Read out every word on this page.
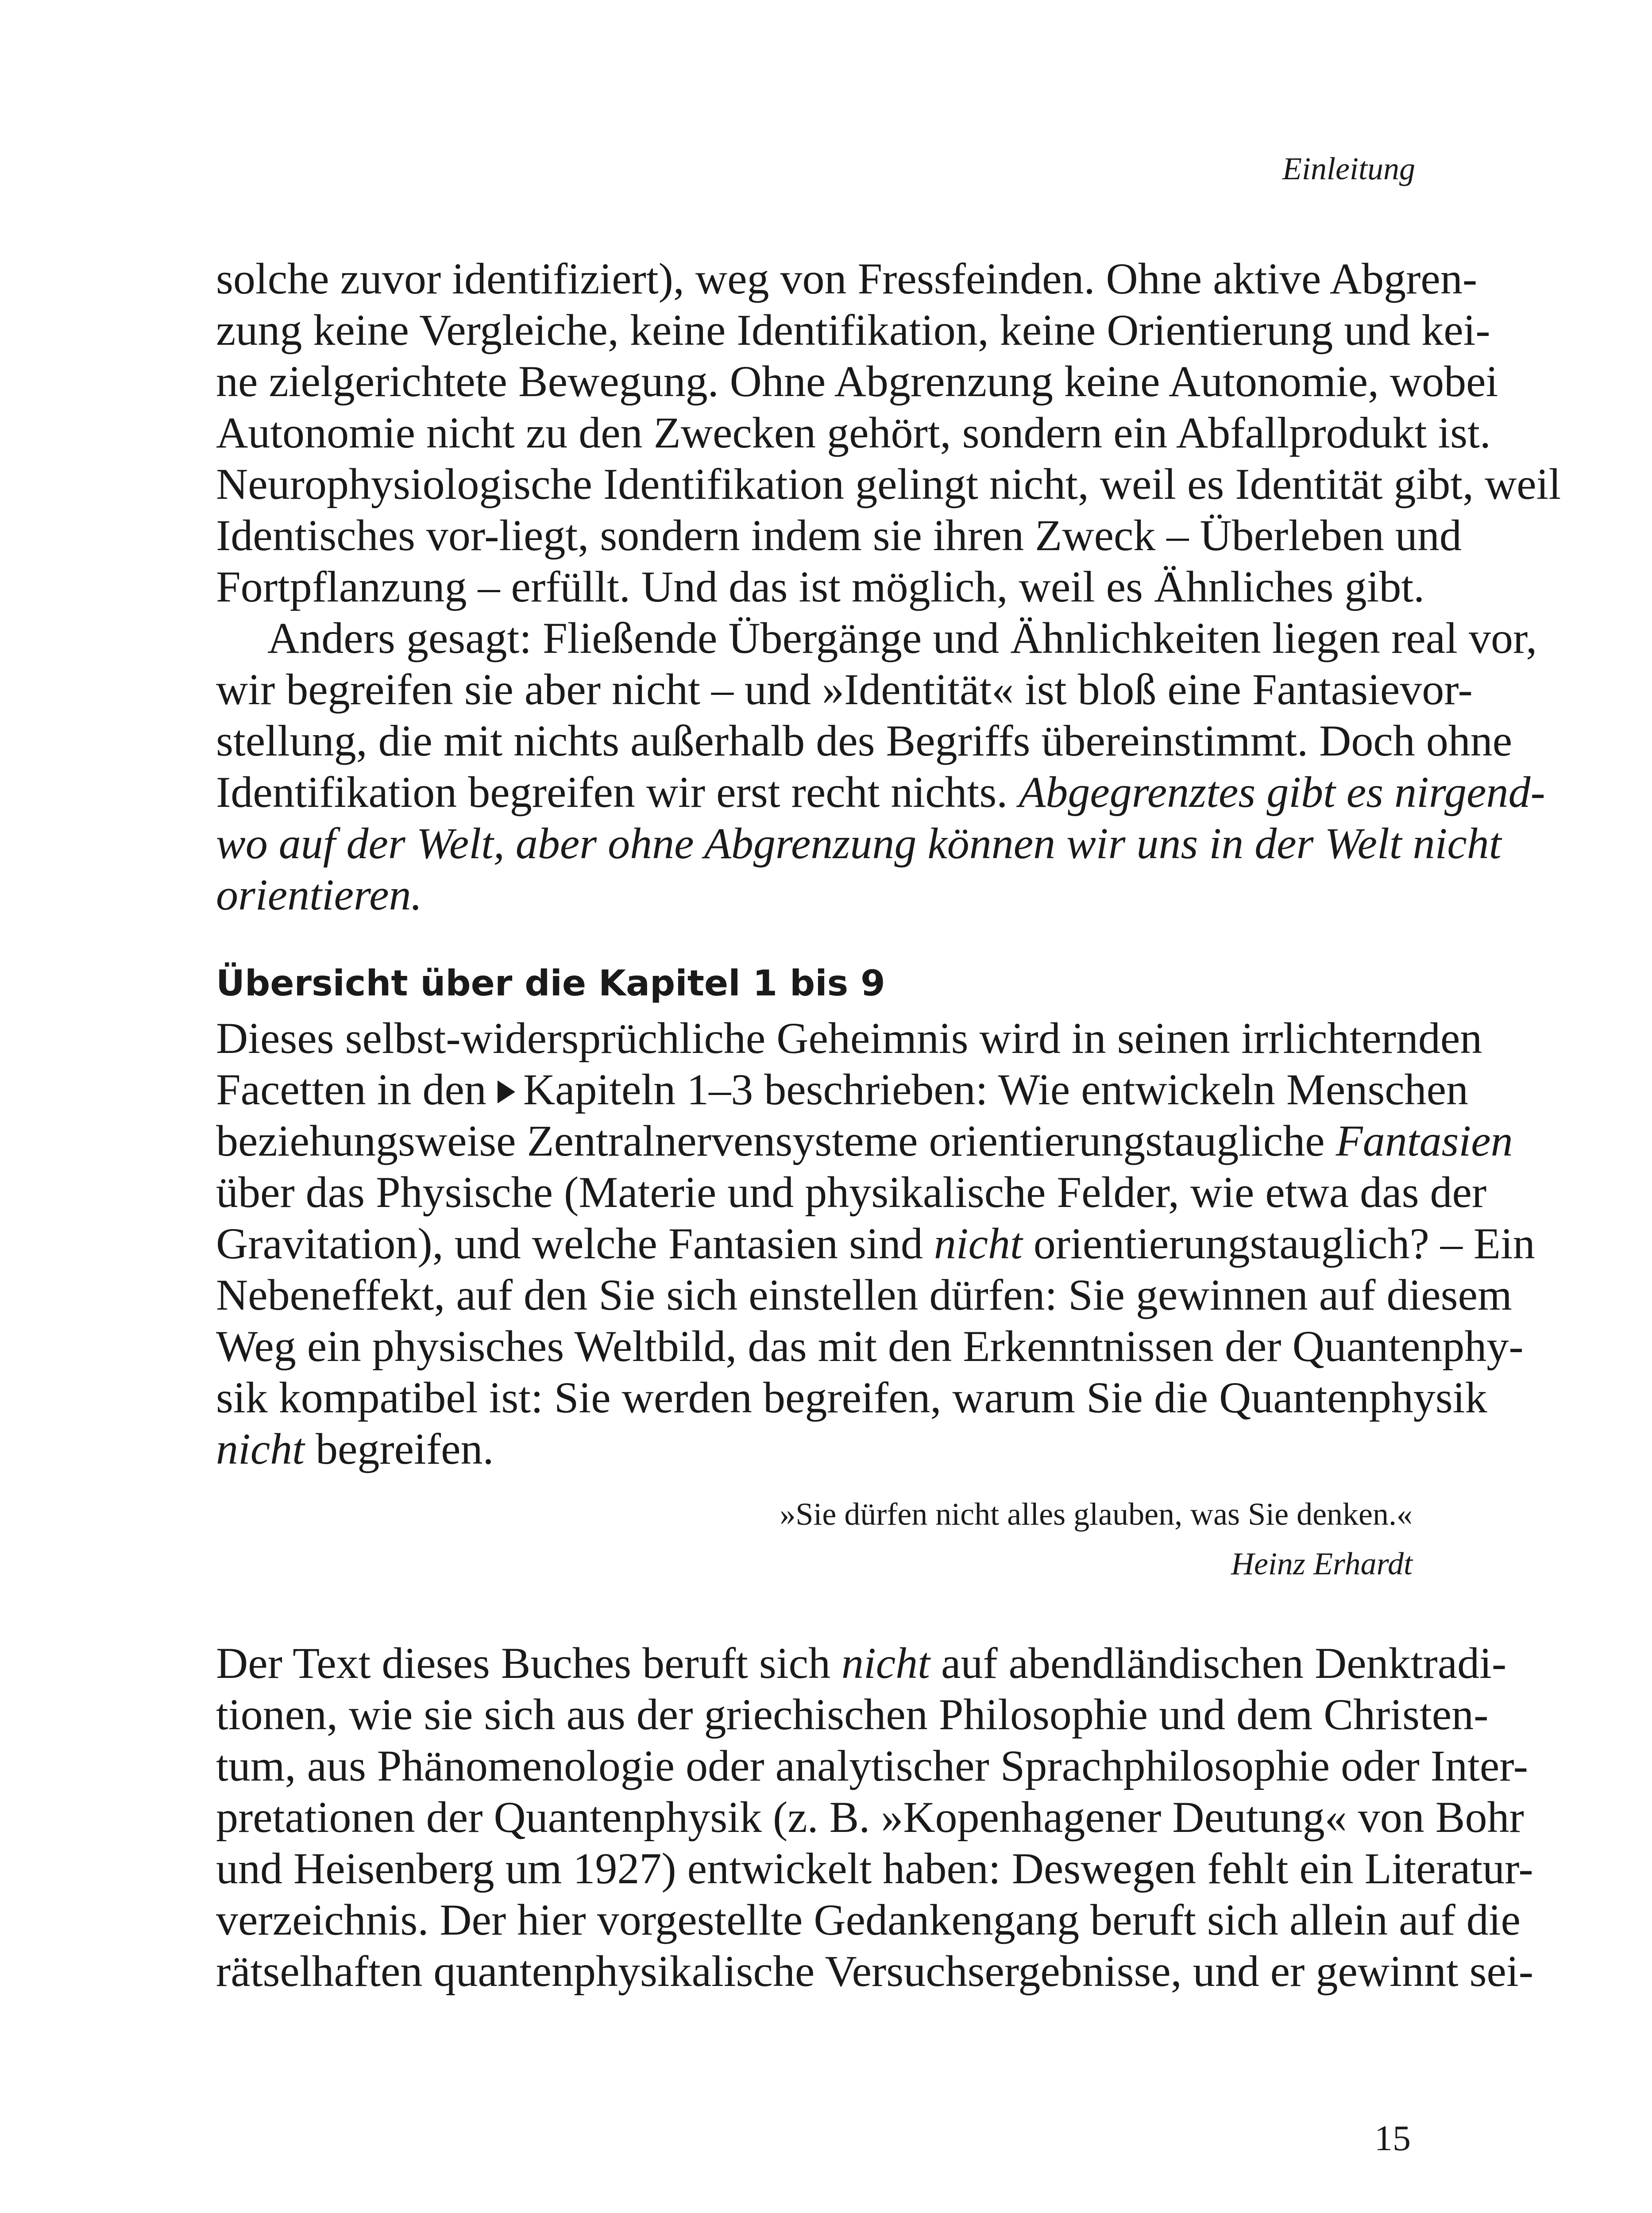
Einleitung
solche zuvor identifiziert), weg von Fressfeinden. Ohne aktive Abgren-
zung keine Vergleiche, keine Identifikation, keine Orientierung und kei-
ne zielgerichtete Bewegung. Ohne Abgrenzung keine Autonomie, wobei
Autonomie nicht zu den Zwecken gehört, sondern ein Abfallprodukt ist.
Neurophysiologische Identifikation gelingt nicht, weil es Identität gibt, weil
Identisches vor-liegt, sondern indem sie ihren Zweck – Überleben und
Fortpflanzung – erfüllt. Und das ist möglich, weil es Ähnliches gibt.
Anders gesagt: Fließende Übergänge und Ähnlichkeiten liegen real vor,
wir begreifen sie aber nicht – und »Identität« ist bloß eine Fantasievor-
stellung, die mit nichts außerhalb des Begriffs übereinstimmt. Doch ohne
Identifikation begreifen wir erst recht nichts. Abgegrenztes gibt es nirgend-
wo auf der Welt, aber ohne Abgrenzung können wir uns in der Welt nicht
orientieren.
Übersicht über die Kapitel 1 bis 9
Dieses selbst-widersprüchliche Geheimnis wird in seinen irrlichternden
Facetten in den Kapiteln 1–3 beschrieben: Wie entwickeln Menschen
beziehungsweise Zentralnervensysteme orientierungstaugliche Fantasien
über das Physische (Materie und physikalische Felder, wie etwa das der
Gravitation), und welche Fantasien sind nicht orientierungstauglich? – Ein
Nebeneffekt, auf den Sie sich einstellen dürfen: Sie gewinnen auf diesem
Weg ein physisches Weltbild, das mit den Erkenntnissen der Quantenphy-
sik kompatibel ist: Sie werden begreifen, warum Sie die Quantenphysik
nicht begreifen.
»Sie dürfen nicht alles glauben, was Sie denken.«
Heinz Erhardt
Der Text dieses Buches beruft sich nicht auf abendländischen Denktradi-
tionen, wie sie sich aus der griechischen Philosophie und dem Christen-
tum, aus Phänomenologie oder analytischer Sprachphilosophie oder Inter-
pretationen der Quantenphysik (z. B. »Kopenhagener Deutung« von Bohr
und Heisenberg um 1927) entwickelt haben: Deswegen fehlt ein Literatur-
verzeichnis. Der hier vorgestellte Gedankengang beruft sich allein auf die
rätselhaften quantenphysikalische Versuchsergebnisse, und er gewinnt sei-
15
